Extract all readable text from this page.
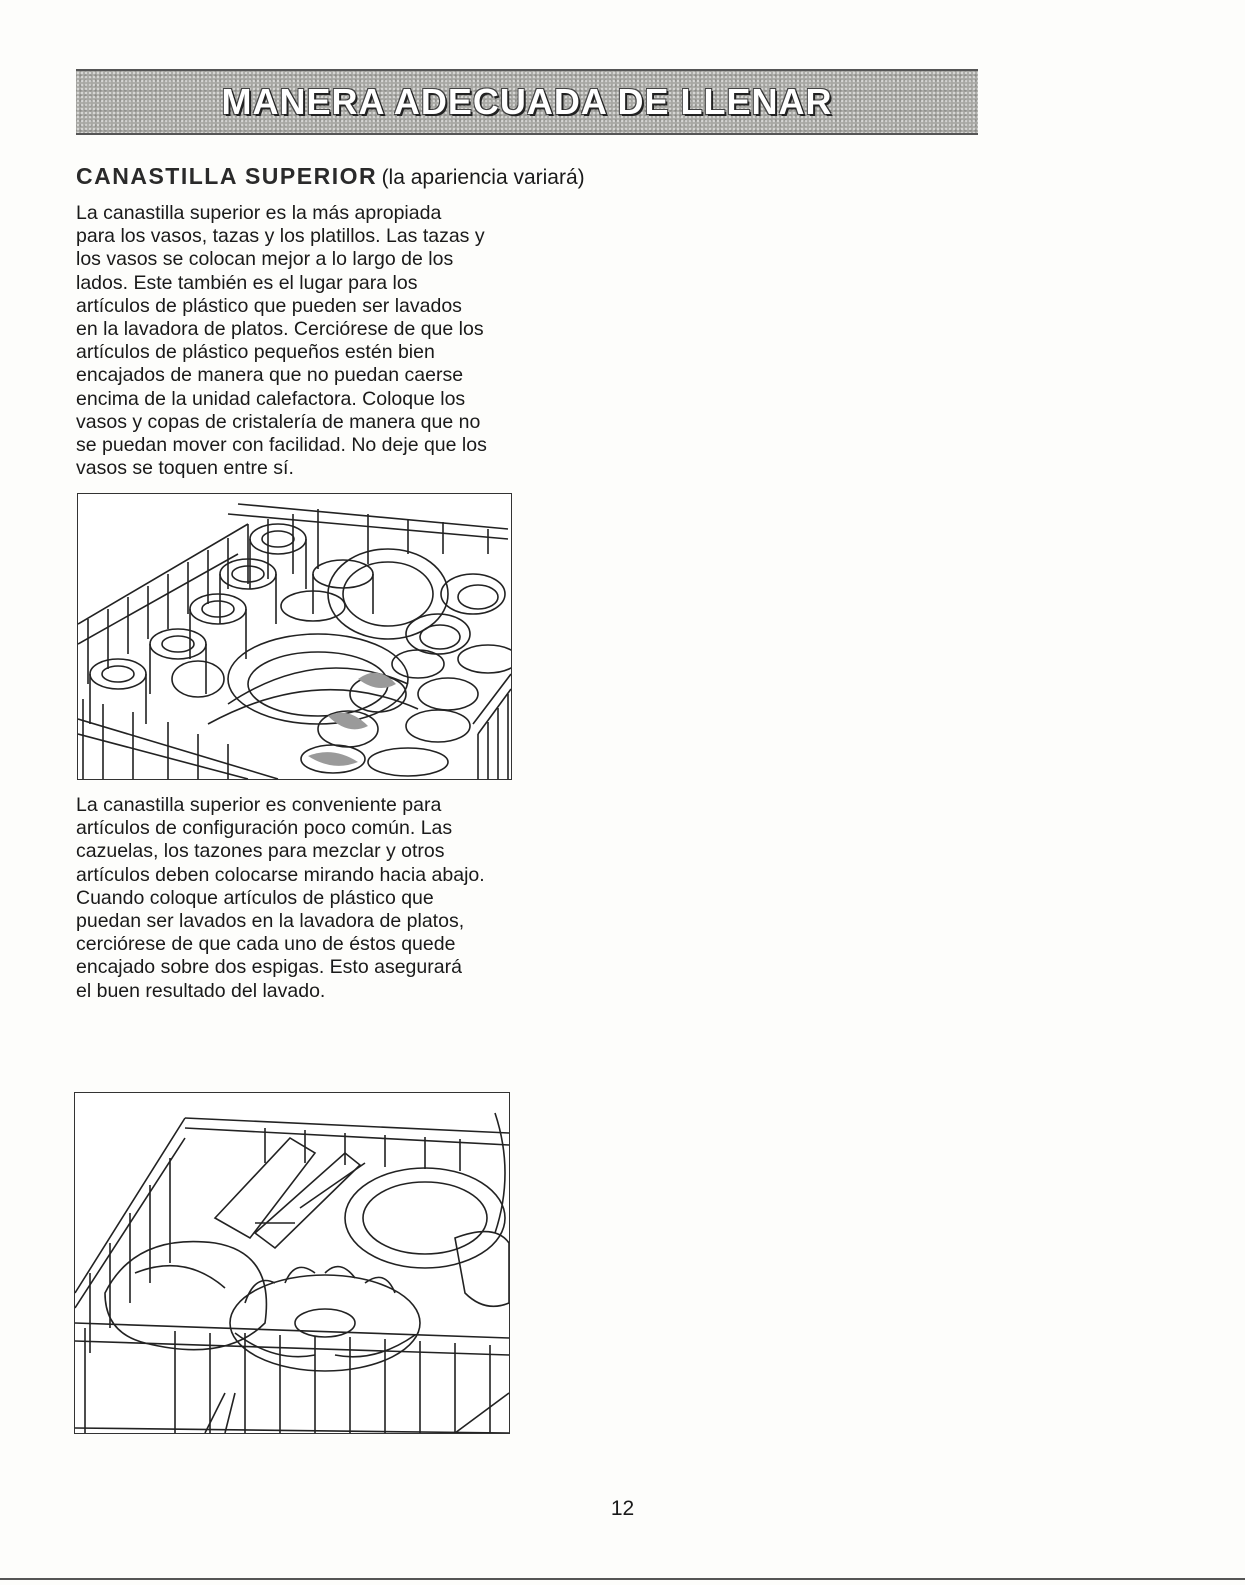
MANERA ADECUADA DE LLENAR
CANASTILLA SUPERIOR (la apariencia variará)

La canastilla superior es la más apropiada
para los vasos, tazas y los platillos. Las tazas y
los vasos se colocan mejor a lo largo de los
lados. Este también es el lugar para los
artículos de plástico que pueden ser lavados
en la lavadora de platos. Cerciórese de que los
artículos de plástico pequeños estén bien
encajados de manera que no puedan caerse
encima de la unidad calefactora. Coloque los
vasos y copas de cristalería de manera que no
se puedan mover con facilidad. No deje que los
vasos se toquen entre sí.

La canastilla superior es conveniente para
artículos de configuración poco común. Las
cazuelas, los tazones para mezclar y otros
artículos deben colocarse mirando hacia abajo.
Cuando coloque artículos de plástico que
puedan ser lavados en la lavadora de platos,
cerciórese de que cada uno de éstos quede
encajado sobre dos espigas. Esto asegurará
el buen resultado del lavado.

12
